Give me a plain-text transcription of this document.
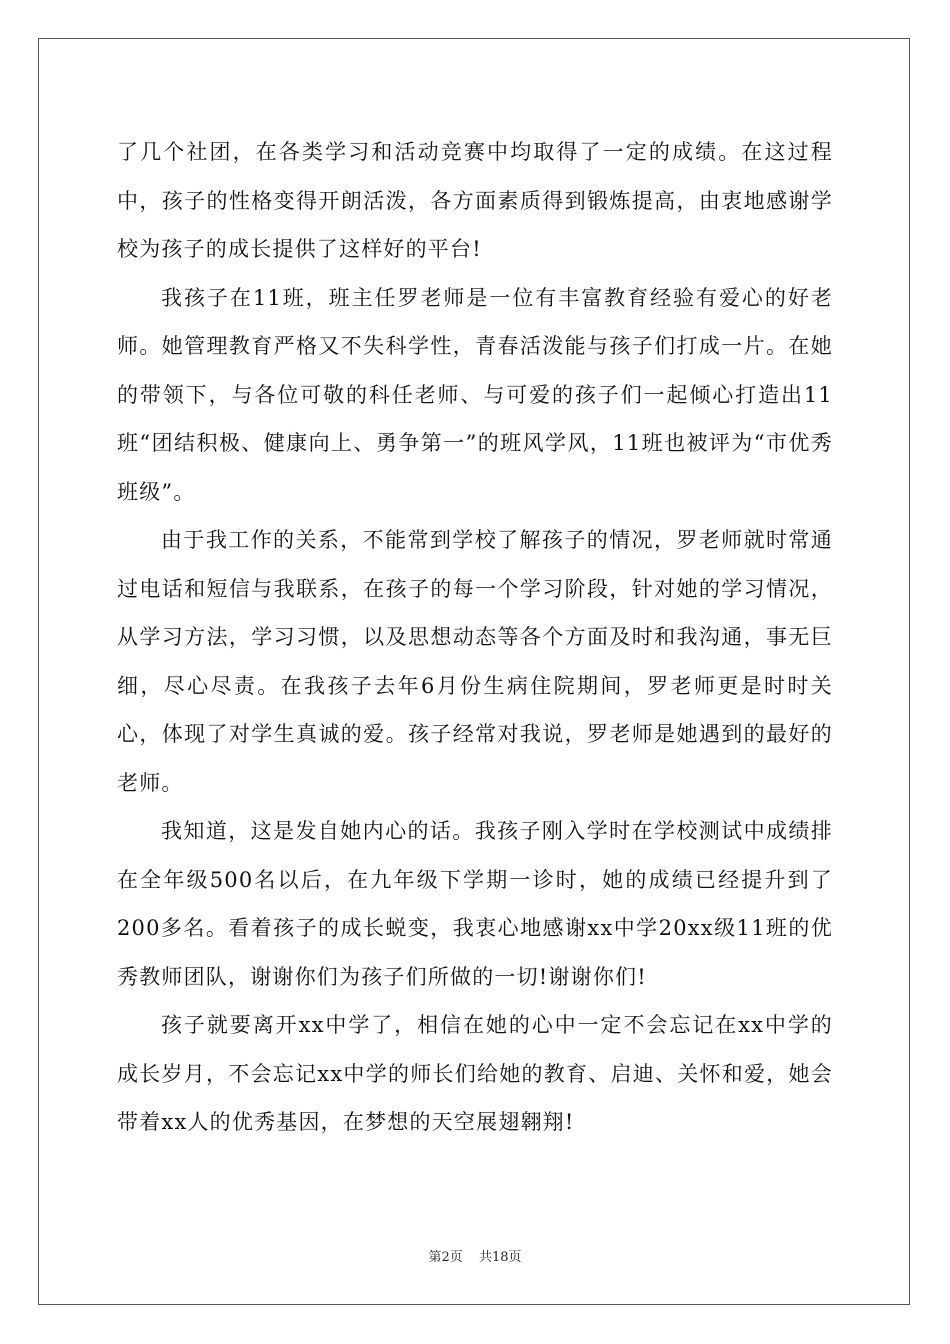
了几个社团，在各类学习和活动竞赛中均取得了一定的成绩。在这过程中，孩子的性格变得开朗活泼，各方面素质得到锻炼提高，由衷地感谢学校为孩子的成长提供了这样好的平台!

我孩子在11班，班主任罗老师是一位有丰富教育经验有爱心的好老师。她管理教育严格又不失科学性，青春活泼能与孩子们打成一片。在她的带领下，与各位可敬的科任老师、与可爱的孩子们一起倾心打造出11班“团结积极、健康向上、勇争第一”的班风学风，11班也被评为“市优秀班级”。

由于我工作的关系，不能常到学校了解孩子的情况，罗老师就时常通过电话和短信与我联系，在孩子的每一个学习阶段，针对她的学习情况，从学习方法，学习习惯，以及思想动态等各个方面及时和我沟通，事无巨细，尽心尽责。在我孩子去年6月份生病住院期间，罗老师更是时时关心，体现了对学生真诚的爱。孩子经常对我说，罗老师是她遇到的最好的老师。

我知道，这是发自她内心的话。我孩子刚入学时在学校测试中成绩排在全年级500名以后，在九年级下学期一诊时，她的成绩已经提升到了200多名。看着孩子的成长蜕变，我衷心地感谢xx中学20xx级11班的优秀教师团队，谢谢你们为孩子们所做的一切!谢谢你们!

孩子就要离开xx中学了，相信在她的心中一定不会忘记在xx中学的成长岁月，不会忘记xx中学的师长们给她的教育、启迪、关怀和爱，她会带着xx人的优秀基因，在梦想的天空展翅翱翔!

第2页 共18页
